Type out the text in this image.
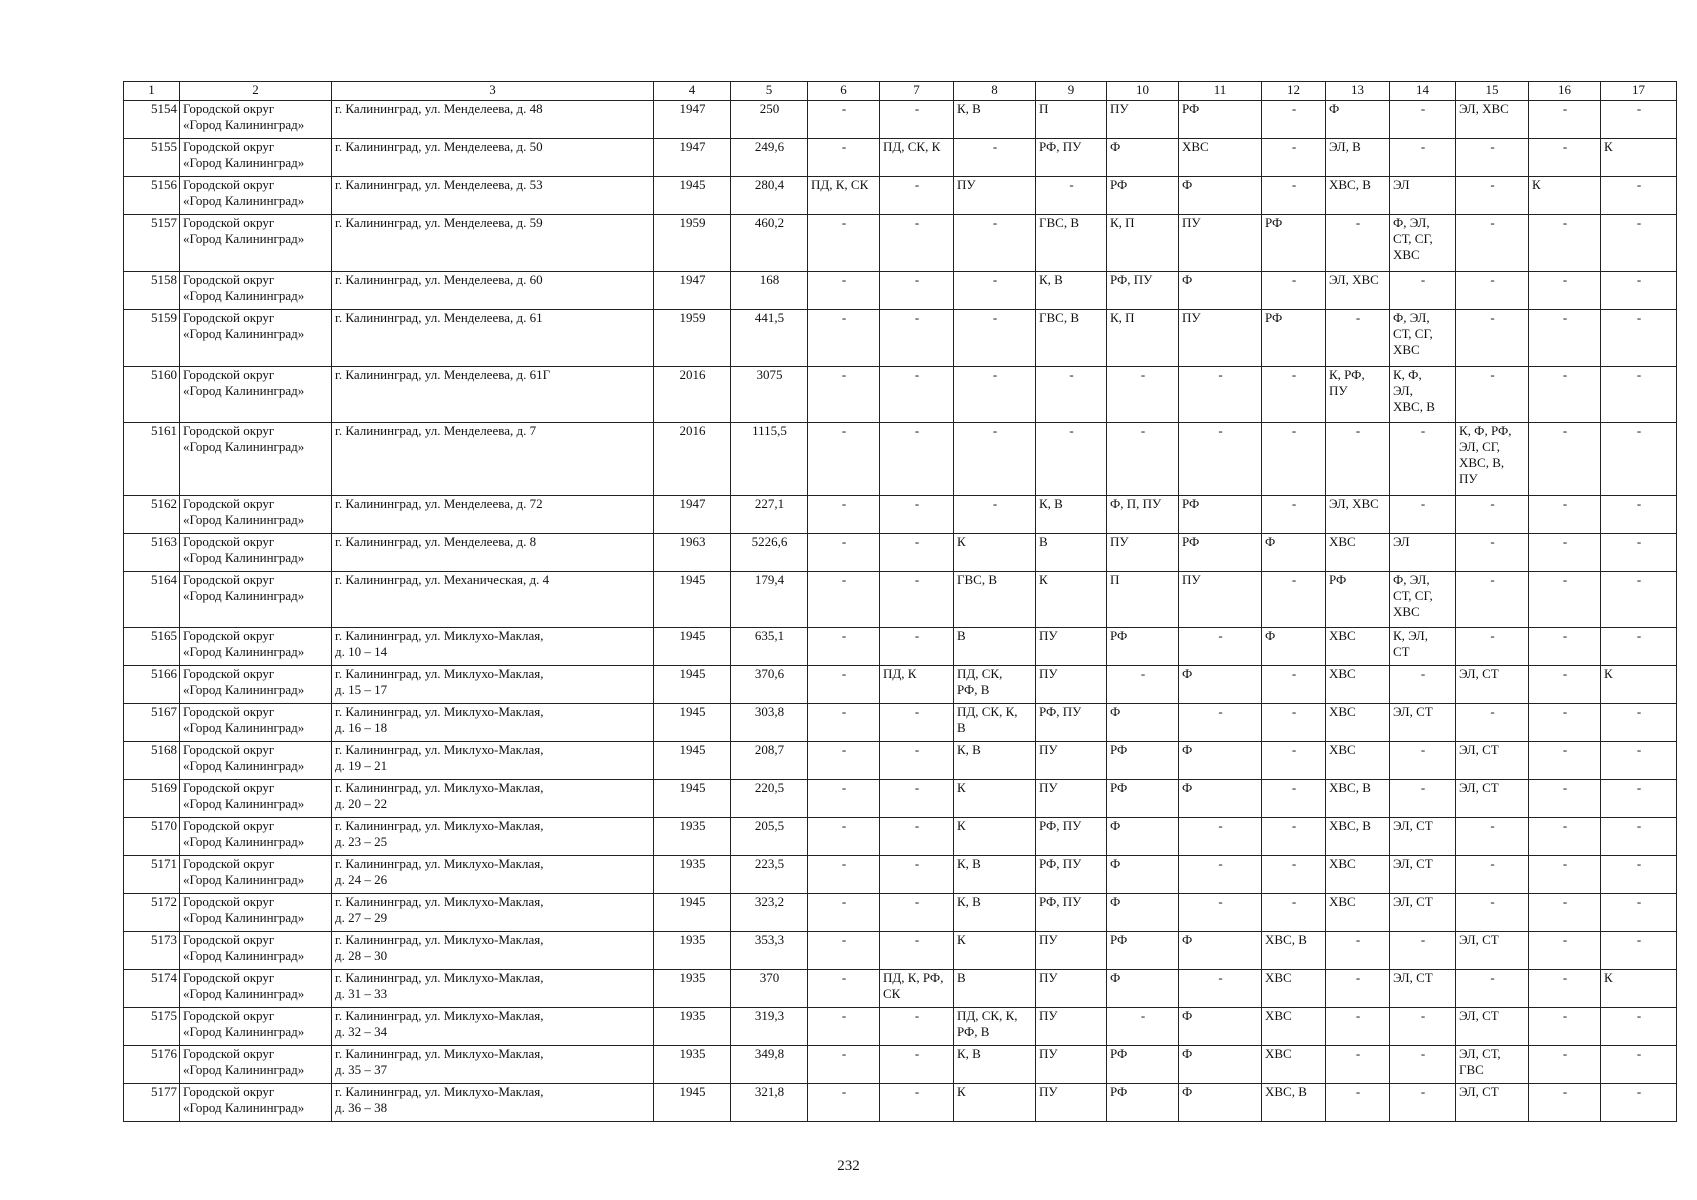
1	2	3	4	5	6	7	8	9	10	11	12	13	14	15	16	17
5154	Городской округ
«Город Калининград»	г. Калининград, ул. Менделеева, д. 48	1947	250	-	-	К, В	П	ПУ	РФ	-	Ф	-	ЭЛ, ХВС	-	-
5155	Городской округ
«Город Калининград»	г. Калининград, ул. Менделеева, д. 50	1947	249,6	-	ПД, СК, К	-	РФ, ПУ	Ф	ХВС	-	ЭЛ, В	-	-	-	К
5156	Городской округ
«Город Калининград»	г. Калининград, ул. Менделеева, д. 53	1945	280,4	ПД, К, СК	-	ПУ	-	РФ	Ф	-	ХВС, В	ЭЛ	-	К	-
5157	Городской округ
«Город Калининград»	г. Калининград, ул. Менделеева, д. 59	1959	460,2	-	-	-	ГВС, В	К, П	ПУ	РФ	-	Ф, ЭЛ,
СТ, СГ,
ХВС	-	-	-
5158	Городской округ
«Город Калининград»	г. Калининград, ул. Менделеева, д. 60	1947	168	-	-	-	К, В	РФ, ПУ	Ф	-	ЭЛ, ХВС	-	-	-	-
5159	Городской округ
«Город Калининград»	г. Калининград, ул. Менделеева, д. 61	1959	441,5	-	-	-	ГВС, В	К, П	ПУ	РФ	-	Ф, ЭЛ,
СТ, СГ,
ХВС	-	-	-
5160	Городской округ
«Город Калининград»	г. Калининград, ул. Менделеева, д. 61Г	2016	3075	-	-	-	-	-	-	-	К, РФ,
ПУ	К, Ф,
ЭЛ,
ХВС, В	-	-	-
5161	Городской округ
«Город Калининград»	г. Калининград, ул. Менделеева, д. 7	2016	1115,5	-	-	-	-	-	-	-	-	-	К, Ф, РФ,
ЭЛ, СГ,
ХВС, В,
ПУ	-	-
5162	Городской округ
«Город Калининград»	г. Калининград, ул. Менделеева, д. 72	1947	227,1	-	-	-	К, В	Ф, П, ПУ	РФ	-	ЭЛ, ХВС	-	-	-	-
5163	Городской округ
«Город Калининград»	г. Калининград, ул. Менделеева, д. 8	1963	5226,6	-	-	К	В	ПУ	РФ	Ф	ХВС	ЭЛ	-	-	-
5164	Городской округ
«Город Калининград»	г. Калининград, ул. Механическая, д. 4	1945	179,4	-	-	ГВС, В	К	П	ПУ	-	РФ	Ф, ЭЛ,
СТ, СГ,
ХВС	-	-	-
5165	Городской округ
«Город Калининград»	г. Калининград, ул. Миклухо-Маклая,
д. 10 – 14	1945	635,1	-	-	В	ПУ	РФ	-	Ф	ХВС	К, ЭЛ,
СТ	-	-	-
5166	Городской округ
«Город Калининград»	г. Калининград, ул. Миклухо-Маклая,
д. 15 – 17	1945	370,6	-	ПД, К	ПД, СК,
РФ, В	ПУ	-	Ф	-	ХВС	-	ЭЛ, СТ	-	К
5167	Городской округ
«Город Калининград»	г. Калининград, ул. Миклухо-Маклая,
д. 16 – 18	1945	303,8	-	-	ПД, СК, К,
В	РФ, ПУ	Ф	-	-	ХВС	ЭЛ, СТ	-	-	-
5168	Городской округ
«Город Калининград»	г. Калининград, ул. Миклухо-Маклая,
д. 19 – 21	1945	208,7	-	-	К, В	ПУ	РФ	Ф	-	ХВС	-	ЭЛ, СТ	-	-
5169	Городской округ
«Город Калининград»	г. Калининград, ул. Миклухо-Маклая,
д. 20 – 22	1945	220,5	-	-	К	ПУ	РФ	Ф	-	ХВС, В	-	ЭЛ, СТ	-	-
5170	Городской округ
«Город Калининград»	г. Калининград, ул. Миклухо-Маклая,
д. 23 – 25	1935	205,5	-	-	К	РФ, ПУ	Ф	-	-	ХВС, В	ЭЛ, СТ	-	-	-
5171	Городской округ
«Город Калининград»	г. Калининград, ул. Миклухо-Маклая,
д. 24 – 26	1935	223,5	-	-	К, В	РФ, ПУ	Ф	-	-	ХВС	ЭЛ, СТ	-	-	-
5172	Городской округ
«Город Калининград»	г. Калининград, ул. Миклухо-Маклая,
д. 27 – 29	1945	323,2	-	-	К, В	РФ, ПУ	Ф	-	-	ХВС	ЭЛ, СТ	-	-	-
5173	Городской округ
«Город Калининград»	г. Калининград, ул. Миклухо-Маклая,
д. 28 – 30	1935	353,3	-	-	К	ПУ	РФ	Ф	ХВС, В	-	-	ЭЛ, СТ	-	-
5174	Городской округ
«Город Калининград»	г. Калининград, ул. Миклухо-Маклая,
д. 31 – 33	1935	370	-	ПД, К, РФ,
СК	В	ПУ	Ф	-	ХВС	-	ЭЛ, СТ	-	-	К
5175	Городской округ
«Город Калининград»	г. Калининград, ул. Миклухо-Маклая,
д. 32 – 34	1935	319,3	-	-	ПД, СК, К,
РФ, В	ПУ	-	Ф	ХВС	-	-	ЭЛ, СТ	-	-
5176	Городской округ
«Город Калининград»	г. Калининград, ул. Миклухо-Маклая,
д. 35 – 37	1935	349,8	-	-	К, В	ПУ	РФ	Ф	ХВС	-	-	ЭЛ, СТ,
ГВС	-	-
5177	Городской округ
«Город Калининград»	г. Калининград, ул. Миклухо-Маклая,
д. 36 – 38	1945	321,8	-	-	К	ПУ	РФ	Ф	ХВС, В	-	-	ЭЛ, СТ	-	-
232
